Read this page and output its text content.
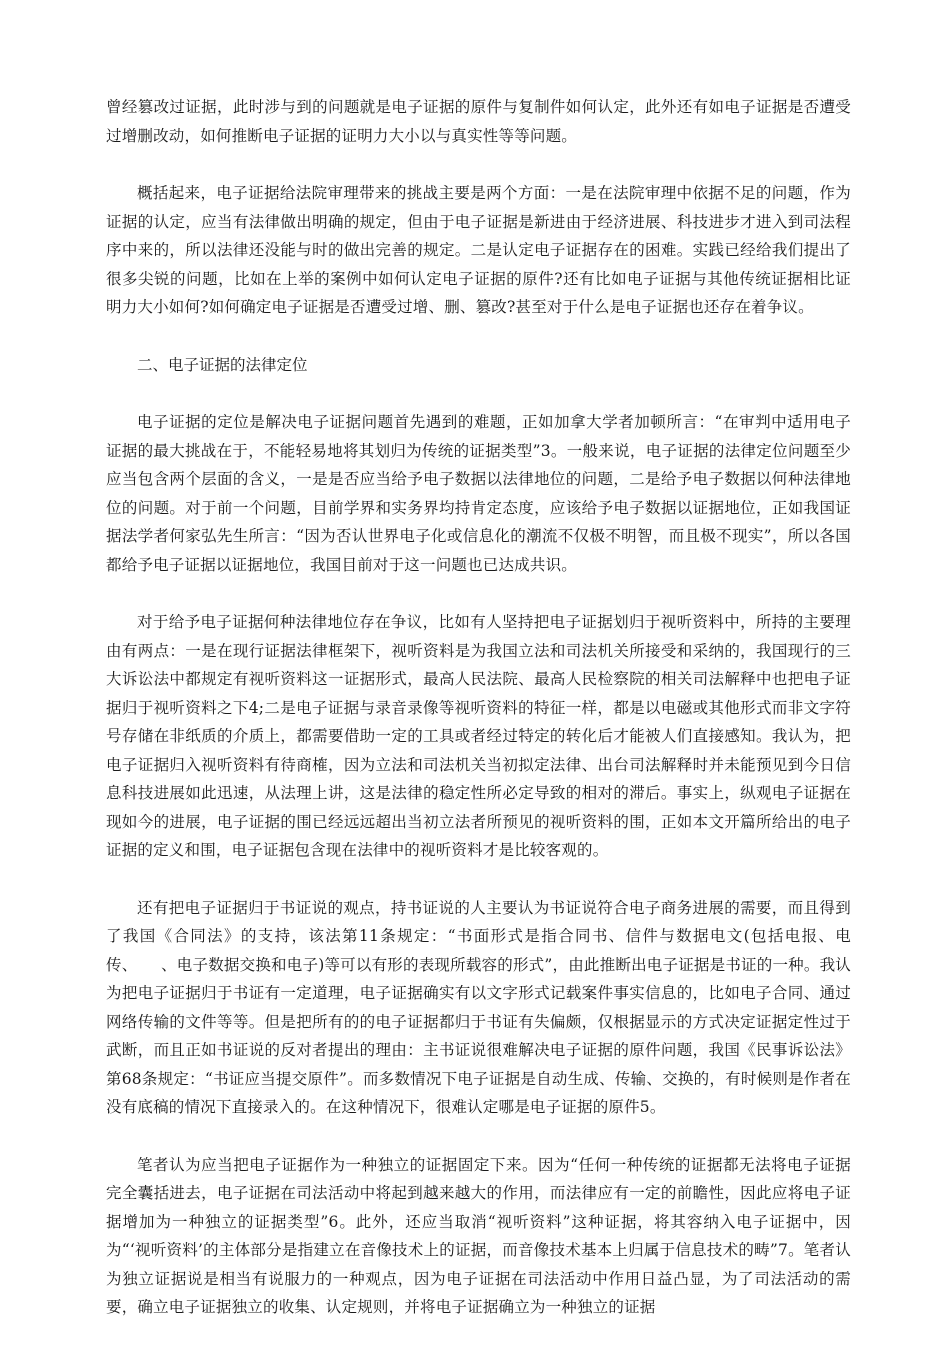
曾经篡改过证据，此时涉与到的问题就是电子证据的原件与复制件如何认定，此外还有如电子证据是否遭受过增删改动，如何推断电子证据的证明力大小以与真实性等等问题。

概括起来，电子证据给法院审理带来的挑战主要是两个方面：一是在法院审理中依据不足的问题，作为证据的认定，应当有法律做出明确的规定，但由于电子证据是新进由于经济进展、科技进步才进入到司法程序中来的，所以法律还没能与时的做出完善的规定。二是认定电子证据存在的困难。实践已经给我们提出了很多尖锐的问题，比如在上举的案例中如何认定电子证据的原件?还有比如电子证据与其他传统证据相比证明力大小如何?如何确定电子证据是否遭受过增、删、篡改?甚至对于什么是电子证据也还存在着争议。

二、电子证据的法律定位

电子证据的定位是解决电子证据问题首先遇到的难题，正如加拿大学者加顿所言：“在审判中适用电子证据的最大挑战在于，不能轻易地将其划归为传统的证据类型”3。一般来说，电子证据的法律定位问题至少应当包含两个层面的含义，一是是否应当给予电子数据以法律地位的问题，二是给予电子数据以何种法律地位的问题。对于前一个问题，目前学界和实务界均持肯定态度，应该给予电子数据以证据地位，正如我国证据法学者何家弘先生所言：“因为否认世界电子化或信息化的潮流不仅极不明智，而且极不现实”，所以各国都给予电子证据以证据地位，我国目前对于这一问题也已达成共识。

对于给予电子证据何种法律地位存在争议，比如有人坚持把电子证据划归于视听资料中，所持的主要理由有两点：一是在现行证据法律框架下，视听资料是为我国立法和司法机关所接受和采纳的，我国现行的三大诉讼法中都规定有视听资料这一证据形式，最高人民法院、最高人民检察院的相关司法解释中也把电子证据归于视听资料之下4;二是电子证据与录音录像等视听资料的特征一样，都是以电磁或其他形式而非文字符号存储在非纸质的介质上，都需要借助一定的工具或者经过特定的转化后才能被人们直接感知。我认为，把电子证据归入视听资料有待商榷，因为立法和司法机关当初拟定法律、出台司法解释时并未能预见到今日信息科技进展如此迅速，从法理上讲，这是法律的稳定性所必定导致的相对的滞后。事实上，纵观电子证据在现如今的进展，电子证据的围已经远远超出当初立法者所预见的视听资料的围，正如本文开篇所给出的电子证据的定义和围，电子证据包含现在法律中的视听资料才是比较客观的。

还有把电子证据归于书证说的观点，持书证说的人主要认为书证说符合电子商务进展的需要，而且得到了我国《合同法》的支持，该法第11条规定：“书面形式是指合同书、信件与数据电文(包括电报、电传、　　、电子数据交换和电子)等可以有形的表现所载容的形式”，由此推断出电子证据是书证的一种。我认为把电子证据归于书证有一定道理，电子证据确实有以文字形式记载案件事实信息的，比如电子合同、通过网络传输的文件等等。但是把所有的的电子证据都归于书证有失偏颇，仅根据显示的方式决定证据定性过于武断，而且正如书证说的反对者提出的理由：主书证说很难解决电子证据的原件问题，我国《民事诉讼法》第68条规定：“书证应当提交原件”。而多数情况下电子证据是自动生成、传输、交换的，有时候则是作者在没有底稿的情况下直接录入的。在这种情况下，很难认定哪是电子证据的原件5。

笔者认为应当把电子证据作为一种独立的证据固定下来。因为“任何一种传统的证据都无法将电子证据完全囊括进去，电子证据在司法活动中将起到越来越大的作用，而法律应有一定的前瞻性，因此应将电子证据增加为一种独立的证据类型”6。此外，还应当取消“视听资料”这种证据，将其容纳入电子证据中，因为“‘视听资料’的主体部分是指建立在音像技术上的证据，而音像技术基本上归属于信息技术的畴”7。笔者认为独立证据说是相当有说服力的一种观点，因为电子证据在司法活动中作用日益凸显，为了司法活动的需要，确立电子证据独立的收集、认定规则，并将电子证据确立为一种独立的证据
